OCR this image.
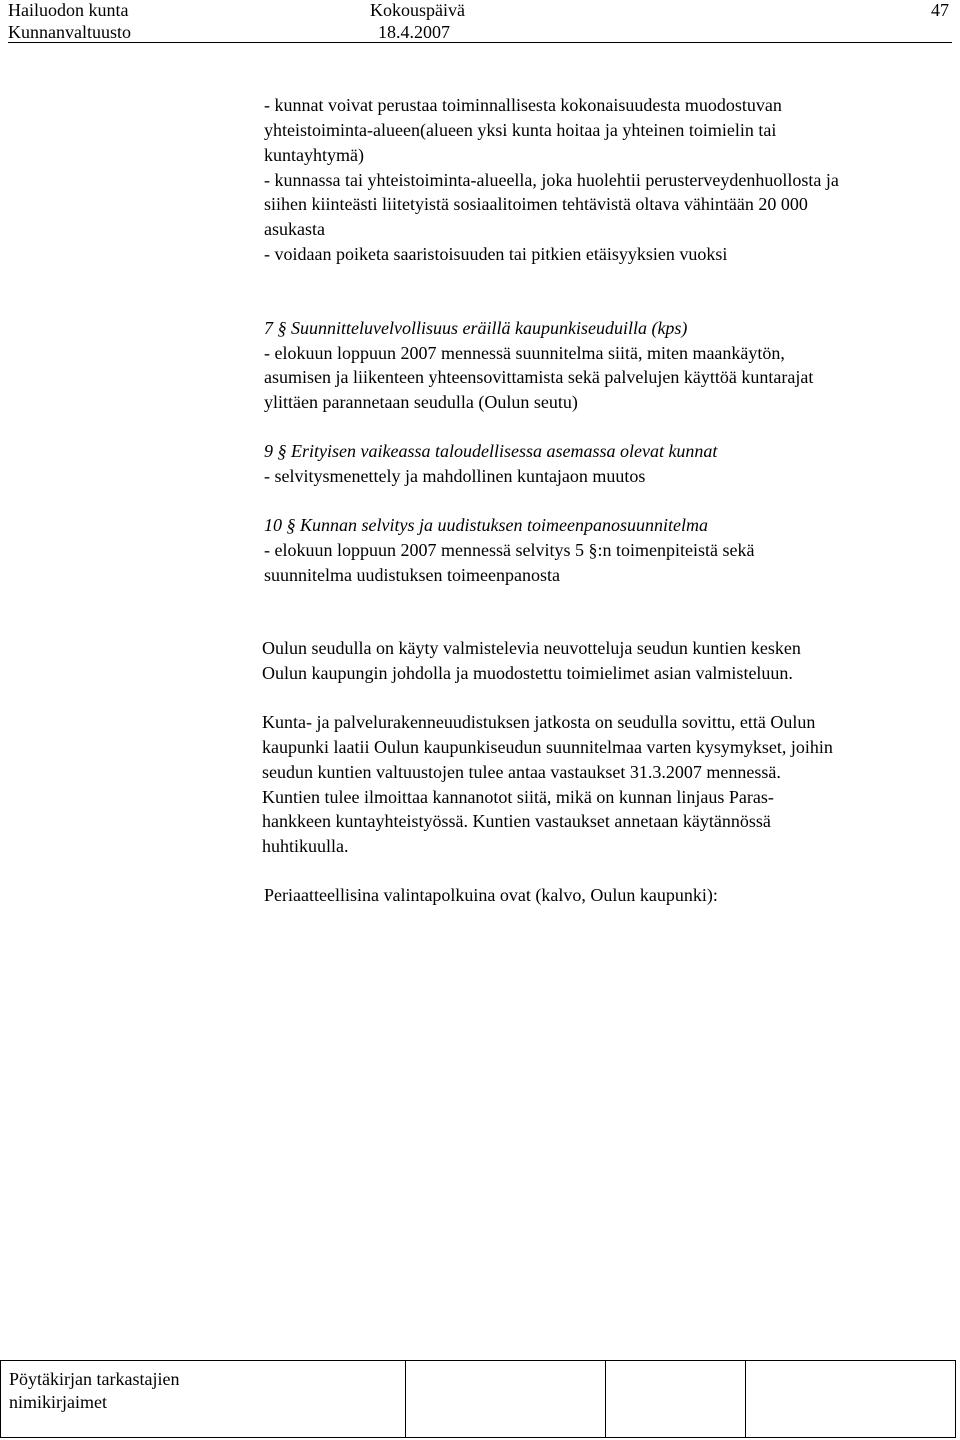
Hailuodon kunta
Kunnanvaltuusto
Kokouspäivä
18.4.2007
47
- kunnat voivat perustaa toiminnallisesta kokonaisuudesta muodostuvan
yhteistoiminta-alueen(alueen yksi kunta hoitaa ja yhteinen toimielin tai
kuntayhtymä)
- kunnassa tai yhteistoiminta-alueella, joka huolehtii perusterveydenhuollosta ja
siihen kiinteästi liitetyistä sosiaalitoimen tehtävistä oltava vähintään 20 000
asukasta
- voidaan poiketa saaristoisuuden tai pitkien etäisyyksien vuoksi
7 § Suunnitteluvelvollisuus eräillä kaupunkiseuduilla (kps)
- elokuun loppuun 2007 mennessä suunnitelma siitä, miten maankäytön,
asumisen ja liikenteen yhteensovittamista sekä palvelujen käyttöä kuntarajat
ylittäen parannetaan seudulla (Oulun seutu)
9 § Erityisen vaikeassa taloudellisessa asemassa olevat kunnat
- selvitysmenettely ja mahdollinen kuntajaon muutos
10 § Kunnan selvitys ja uudistuksen toimeenpanosuunnitelma
- elokuun loppuun 2007 mennessä selvitys 5 §:n toimenpiteistä sekä
suunnitelma uudistuksen toimeenpanosta
Oulun seudulla on käyty valmistelevia neuvotteluja seudun kuntien kesken
Oulun kaupungin johdolla ja muodostettu toimielimet asian valmisteluun.
Kunta- ja palvelurakenneuudistuksen jatkosta on seudulla sovittu, että Oulun
kaupunki laatii Oulun kaupunkiseudun suunnitelmaa varten kysymykset, joihin
seudun kuntien valtuustojen tulee antaa vastaukset 31.3.2007 mennessä.
Kuntien tulee ilmoittaa kannanotot siitä, mikä on kunnan linjaus Paras-
hankkeen kuntayhteistyössä. Kuntien vastaukset annetaan käytännössä
huhtikuulla.
Periaatteellisina valintapolkuina ovat (kalvo, Oulun kaupunki):
Pöytäkirjan tarkastajien
nimikirjaimet
